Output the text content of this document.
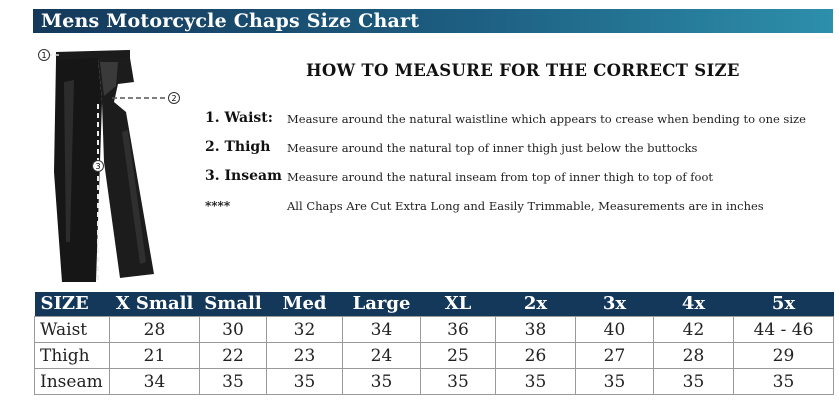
Mens Motorcycle Chaps Size Chart
1
2
3
HOW TO MEASURE FOR THE CORRECT SIZE
1. Waist: Measure around the natural waistline which appears to crease when bending to one size
2. Thigh Measure around the natural top of inner thigh just below the buttocks
3. Inseam Measure around the natural inseam from top of inner thigh to top of foot
****	All Chaps Are Cut Extra Long and Easily Trimmable, Measurements are in inches
SIZE	X Small	Small	Med	Large	XL	2x	3x	4x	5x
Waist	28	30	32	34	36	38	40	42	44 - 46
Thigh	21	22	23	24	25	26	27	28	29
Inseam	34	35	35	35	35	35	35	35	35
